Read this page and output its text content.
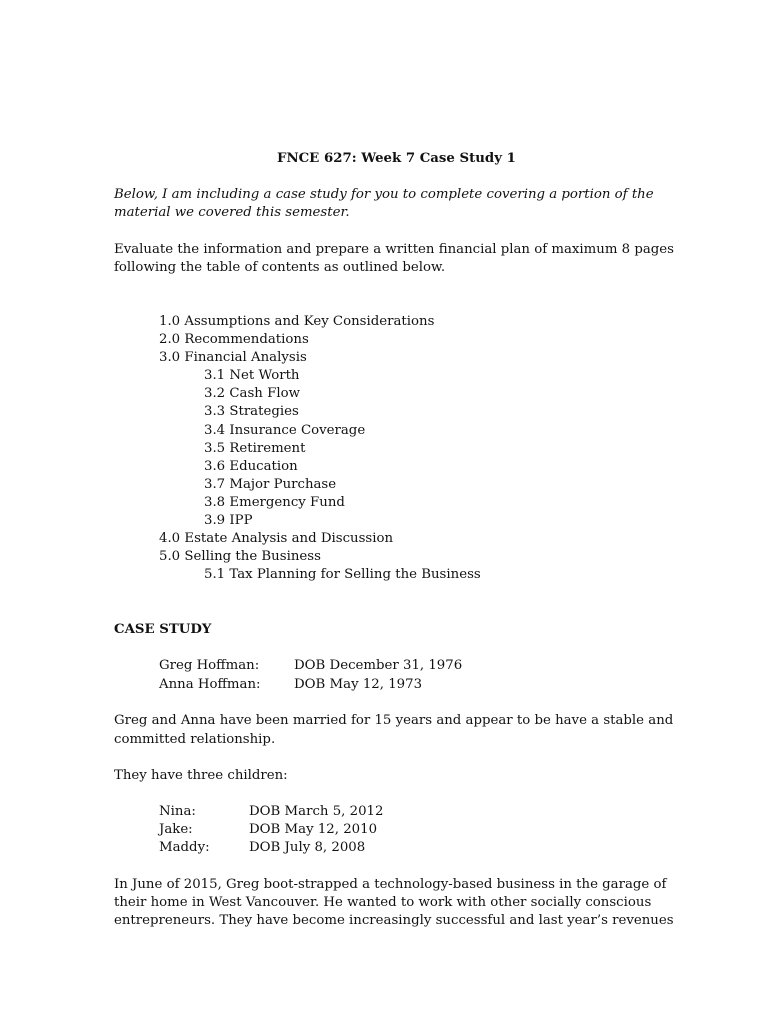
FNCE 627: Week 7 Case Study 1
Below, I am including a case study for you to complete covering a portion of the
material we covered this semester.
Evaluate the information and prepare a written financial plan of maximum 8 pages
following the table of contents as outlined below.
1.0 Assumptions and Key Considerations
2.0 Recommendations
3.0 Financial Analysis
3.1 Net Worth
3.2 Cash Flow
3.3 Strategies
3.4 Insurance Coverage
3.5 Retirement
3.6 Education
3.7 Major Purchase
3.8 Emergency Fund
3.9 IPP
4.0 Estate Analysis and Discussion
5.0 Selling the Business
5.1 Tax Planning for Selling the Business
CASE STUDY
Greg Hoffman:	DOB December 31, 1976
Anna Hoffman:	DOB May 12, 1973
Greg and Anna have been married for 15 years and appear to be have a stable and
committed relationship.
They have three children:
Nina:	DOB March 5, 2012
Jake:	DOB May 12, 2010
Maddy:	DOB July 8, 2008
In June of 2015, Greg boot-strapped a technology-based business in the garage of
their home in West Vancouver. He wanted to work with other socially conscious
entrepreneurs. They have become increasingly successful and last year’s revenues
